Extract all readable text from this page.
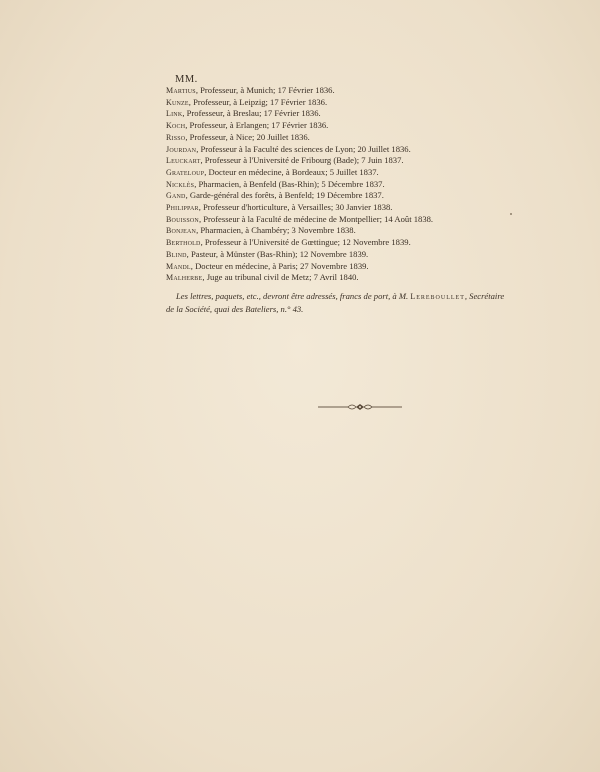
MM.
Martius, Professeur, à Munich; 17 Février 1836.
Kunze, Professeur, à Leipzig; 17 Février 1836.
Link, Professeur, à Breslau; 17 Février 1836.
Koch, Professeur, à Erlangen; 17 Février 1836.
Risso, Professeur, à Nice; 20 Juillet 1836.
Jourdan, Professeur à la Faculté des sciences de Lyon; 20 Juillet 1836.
Leuckart, Professeur à l'Université de Fribourg (Bade); 7 Juin 1837.
Grateloup, Docteur en médecine, à Bordeaux; 5 Juillet 1837.
Nicklès, Pharmacien, à Benfeld (Bas-Rhin); 5 Décembre 1837.
Gand, Garde-général des forêts, à Benfeld; 19 Décembre 1837.
Philippar, Professeur d'horticulture, à Versailles; 30 Janvier 1838.
Bouisson, Professeur à la Faculté de médecine de Montpellier; 14 Août 1838.
Bonjean, Pharmacien, à Chambéry; 3 Novembre 1838.
Berthold, Professeur à l'Université de Gœttingue; 12 Novembre 1839.
Blind, Pasteur, à Münster (Bas-Rhin); 12 Novembre 1839.
Mandl, Docteur en médecine, à Paris; 27 Novembre 1839.
Malherbe, Juge au tribunal civil de Metz; 7 Avril 1840.
Les lettres, paquets, etc., devront être adressés, francs de port, à M. Lereboullet, Secrétaire
de la Société, quai des Bateliers, n.° 43.
